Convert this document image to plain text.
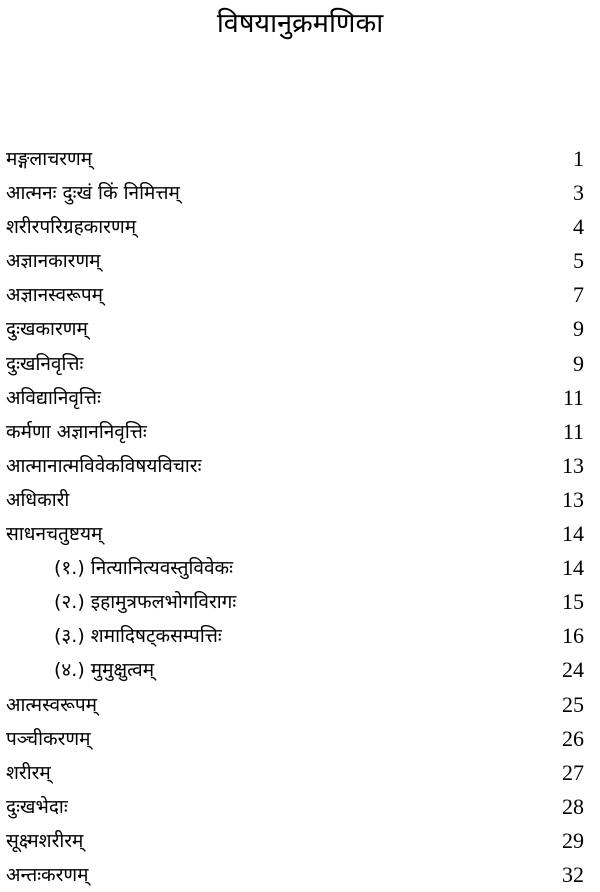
विषयानुक्रमणिका
मङ्गलाचरणम्	1
आत्मनः दुःखं किं निमित्तम्	3
शरीरपरिग्रहकारणम्	4
अज्ञानकारणम्	5
अज्ञानस्वरूपम्	7
दुःखकारणम्	9
दुःखनिवृत्तिः	9
अविद्यानिवृत्तिः	11
कर्मणा अज्ञाननिवृत्तिः	11
आत्मानात्मविवेकविषयविचारः	13
अधिकारी	13
साधनचतुष्टयम्	14
(१.) नित्यानित्यवस्तुविवेकः	14
(२.) इहामुत्रफलभोगविरागः	15
(३.) शमादिषट्कसम्पत्तिः	16
(४.) मुमुक्षुत्वम्	24
आत्मस्वरूपम्	25
पञ्चीकरणम्	26
शरीरम्	27
दुःखभेदाः	28
सूक्ष्मशरीरम्	29
अन्तःकरणम्	32
